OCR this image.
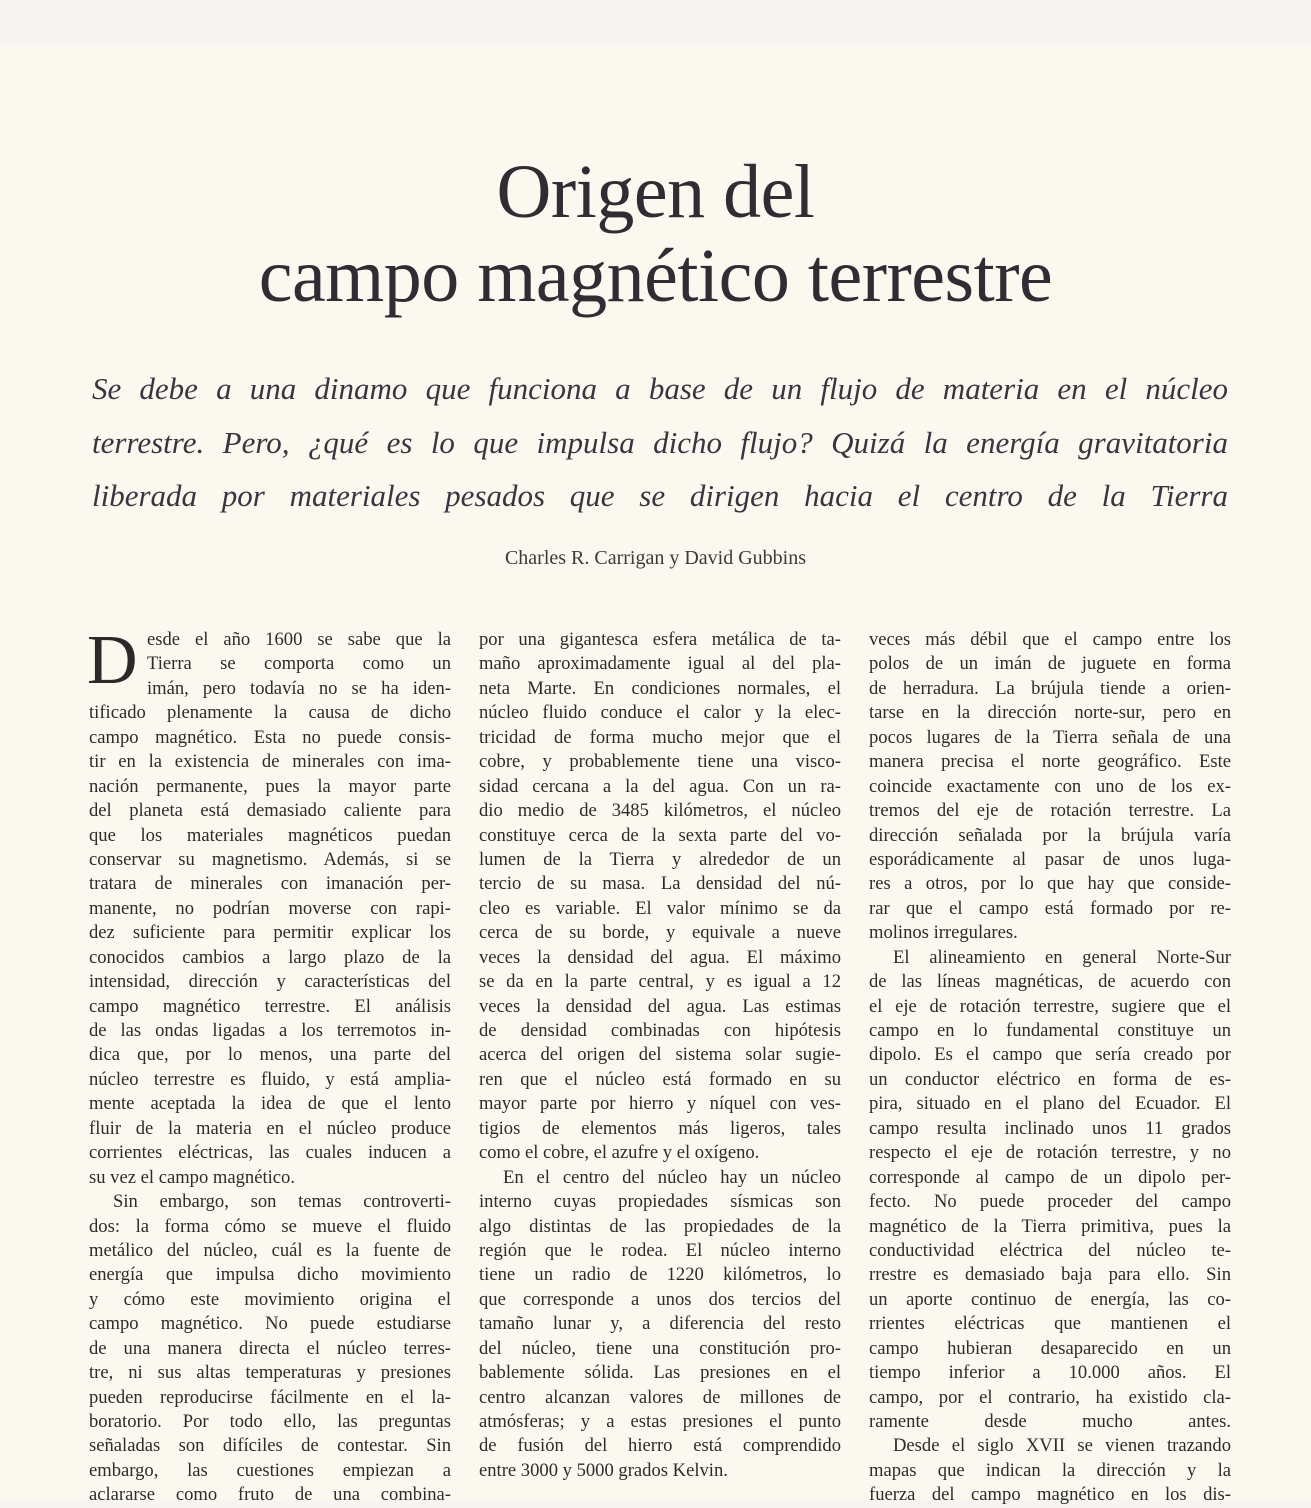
Origen del
campo magnético terrestre
Se debe a una dinamo que funciona a base de un flujo de materia en el núcleo
terrestre. Pero, ¿qué es lo que impulsa dicho flujo? Quizá la energía gravitatoria
liberada por materiales pesados que se dirigen hacia el centro de la Tierra
Charles R. Carrigan y David Gubbins
D esde el año 1600 se sabe que la
Tierra se comporta como un
imán, pero todavía no se ha iden-
tificado plenamente la causa de dicho
campo magnético. Esta no puede consis-
tir en la existencia de minerales con ima-
nación permanente, pues la mayor parte
del planeta está demasiado caliente para
que los materiales magnéticos puedan
conservar su magnetismo. Además, si se
tratara de minerales con imanación per-
manente, no podrían moverse con rapi-
dez suficiente para permitir explicar los
conocidos cambios a largo plazo de la
intensidad, dirección y características del
campo magnético terrestre. El análisis
de las ondas ligadas a los terremotos in-
dica que, por lo menos, una parte del
núcleo terrestre es fluido, y está amplia-
mente aceptada la idea de que el lento
fluir de la materia en el núcleo produce
corrientes eléctricas, las cuales inducen a
su vez el campo magnético.
Sin embargo, son temas controverti-
dos: la forma cómo se mueve el fluido
metálico del núcleo, cuál es la fuente de
energía que impulsa dicho movimiento
y cómo este movimiento origina el
campo magnético. No puede estudiarse
de una manera directa el núcleo terres-
tre, ni sus altas temperaturas y presiones
pueden reproducirse fácilmente en el la-
boratorio. Por todo ello, las preguntas
señaladas son difíciles de contestar. Sin
embargo, las cuestiones empiezan a
aclararse como fruto de una combina-
por una gigantesca esfera metálica de ta-
maño aproximadamente igual al del pla-
neta Marte. En condiciones normales, el
núcleo fluido conduce el calor y la elec-
tricidad de forma mucho mejor que el
cobre, y probablemente tiene una visco-
sidad cercana a la del agua. Con un ra-
dio medio de 3485 kilómetros, el núcleo
constituye cerca de la sexta parte del vo-
lumen de la Tierra y alrededor de un
tercio de su masa. La densidad del nú-
cleo es variable. El valor mínimo se da
cerca de su borde, y equivale a nueve
veces la densidad del agua. El máximo
se da en la parte central, y es igual a 12
veces la densidad del agua. Las estimas
de densidad combinadas con hipótesis
acerca del origen del sistema solar sugie-
ren que el núcleo está formado en su
mayor parte por hierro y níquel con ves-
tigios de elementos más ligeros, tales
como el cobre, el azufre y el oxígeno.
En el centro del núcleo hay un núcleo
interno cuyas propiedades sísmicas son
algo distintas de las propiedades de la
región que le rodea. El núcleo interno
tiene un radio de 1220 kilómetros, lo
que corresponde a unos dos tercios del
tamaño lunar y, a diferencia del resto
del núcleo, tiene una constitución pro-
bablemente sólida. Las presiones en el
centro alcanzan valores de millones de
atmósferas; y a estas presiones el punto
de fusión del hierro está comprendido
entre 3000 y 5000 grados Kelvin.
veces más débil que el campo entre los
polos de un imán de juguete en forma
de herradura. La brújula tiende a orien-
tarse en la dirección norte-sur, pero en
pocos lugares de la Tierra señala de una
manera precisa el norte geográfico. Este
coincide exactamente con uno de los ex-
tremos del eje de rotación terrestre. La
dirección señalada por la brújula varía
esporádicamente al pasar de unos luga-
res a otros, por lo que hay que conside-
rar que el campo está formado por re-
molinos irregulares.
El alineamiento en general Norte-Sur
de las líneas magnéticas, de acuerdo con
el eje de rotación terrestre, sugiere que el
campo en lo fundamental constituye un
dipolo. Es el campo que sería creado por
un conductor eléctrico en forma de es-
pira, situado en el plano del Ecuador. El
campo resulta inclinado unos 11 grados
respecto el eje de rotación terrestre, y no
corresponde al campo de un dipolo per-
fecto. No puede proceder del campo
magnético de la Tierra primitiva, pues la
conductividad eléctrica del núcleo te-
rrestre es demasiado baja para ello. Sin
un aporte continuo de energía, las co-
rrientes eléctricas que mantienen el
campo hubieran desaparecido en un
tiempo inferior a 10.000 años. El
campo, por el contrario, ha existido cla-
ramente desde mucho antes.
Desde el siglo XVII se vienen trazando
mapas que indican la dirección y la
fuerza del campo magnético en los dis-
